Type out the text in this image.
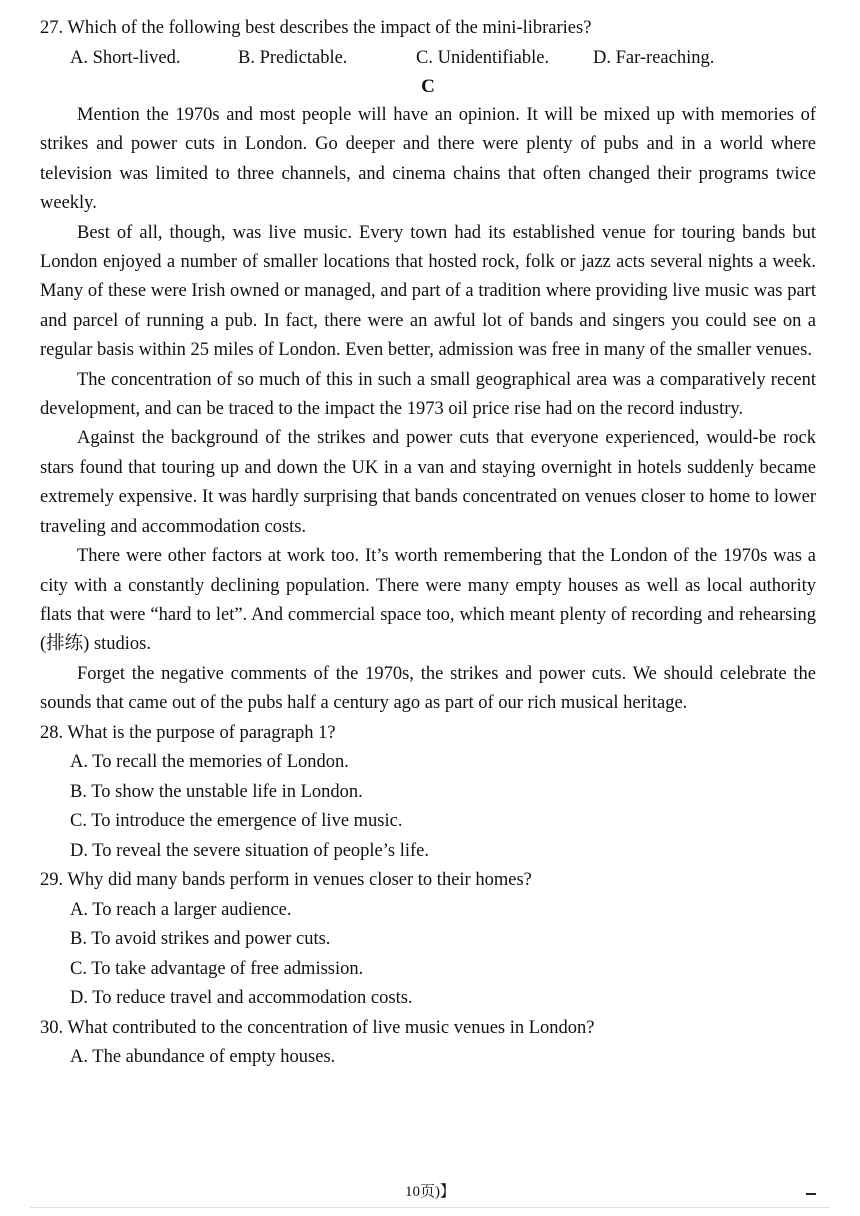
27. Which of the following best describes the impact of the mini-libraries?

A. Short-lived.	B. Predictable.	C. Unidentifiable.	D. Far-reaching.

C

Mention the 1970s and most people will have an opinion. It will be mixed up with memories of strikes and power cuts in London. Go deeper and there were plenty of pubs and in a world where television was limited to three channels, and cinema chains that often changed their programs twice weekly.

Best of all, though, was live music. Every town had its established venue for touring bands but London enjoyed a number of smaller locations that hosted rock, folk or jazz acts several nights a week. Many of these were Irish owned or managed, and part of a tradition where providing live music was part and parcel of running a pub. In fact, there were an awful lot of bands and singers you could see on a regular basis within 25 miles of London. Even better, admission was free in many of the smaller venues.

The concentration of so much of this in such a small geographical area was a comparatively recent development, and can be traced to the impact the 1973 oil price rise had on the record industry.

Against the background of the strikes and power cuts that everyone experienced, would-be rock stars found that touring up and down the UK in a van and staying overnight in hotels suddenly became extremely expensive. It was hardly surprising that bands concentrated on venues closer to home to lower traveling and accommodation costs.

There were other factors at work too. It’s worth remembering that the London of the 1970s was a city with a constantly declining population. There were many empty houses as well as local authority flats that were “hard to let”. And commercial space too, which meant plenty of recording and rehearsing (排练) studios.

Forget the negative comments of the 1970s, the strikes and power cuts. We should celebrate the sounds that came out of the pubs half a century ago as part of our rich musical heritage.

28. What is the purpose of paragraph 1?

A. To recall the memories of London.

B. To show the unstable life in London.

C. To introduce the emergence of live music.

D. To reveal the severe situation of people’s life.

29. Why did many bands perform in venues closer to their homes?

A. To reach a larger audience.

B. To avoid strikes and power cuts.

C. To take advantage of free admission.

D. To reduce travel and accommodation costs.

30. What contributed to the concentration of live music venues in London?

A. The abundance of empty houses.

10页)】
